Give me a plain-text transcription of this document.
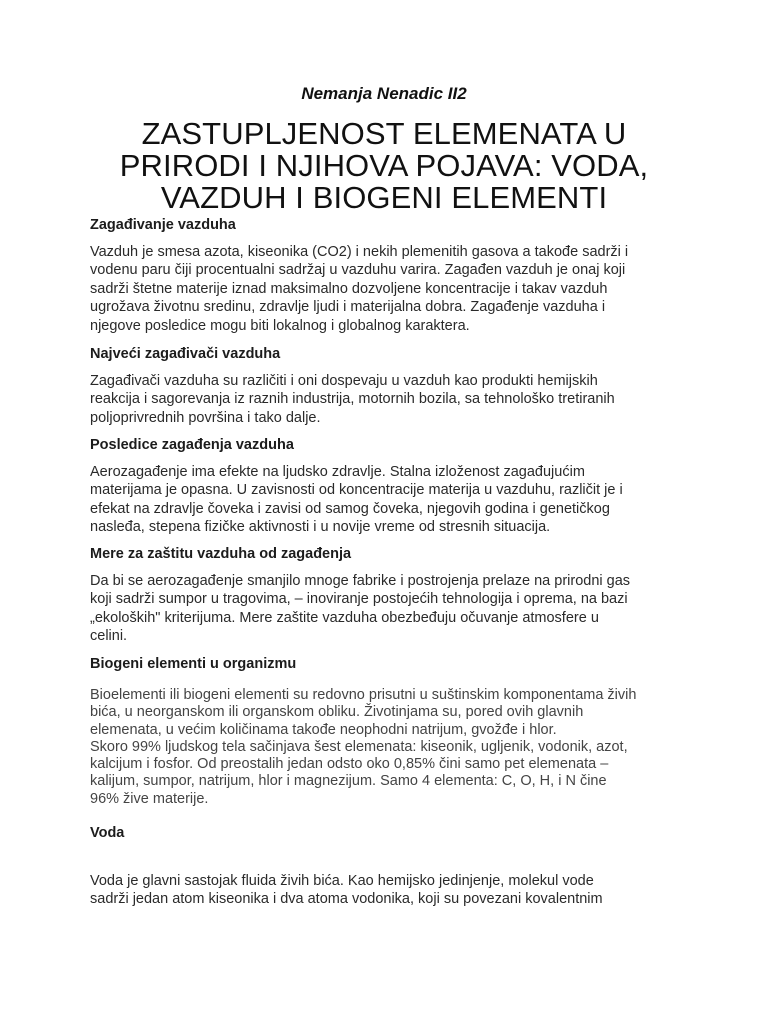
Nemanja Nenadic II2
ZASTUPLJENOST ELEMENATA U
PRIRODI I NJIHOVA POJAVA: VODA,
VAZDUH I BIOGENI ELEMENTI
Zagađivanje vazduha
Vazduh je smesa azota, kiseonika (CO2) i nekih plemenitih gasova a takođe sadrži i
vodenu paru čiji procentualni sadržaj u vazduhu varira. Zagađen vazduh je onaj koji
sadrži štetne materije iznad maksimalno dozvoljene koncentracije i takav vazduh
ugrožava životnu sredinu, zdravlje ljudi i materijalna dobra. Zagađenje vazduha i
njegove posledice mogu biti lokalnog i globalnog karaktera.
Najveći zagađivači vazduha
Zagađivači vazduha su različiti i oni dospevaju u vazduh kao produkti hemijskih
reakcija i sagorevanja iz raznih industrija, motornih bozila, sa tehnološko tretiranih
poljoprivrednih površina i tako dalje.
Posledice zagađenja vazduha
Aerozagađenje ima efekte na ljudsko zdravlje. Stalna izloženost zagađujućim
materijama je opasna. U zavisnosti od koncentracije materija u vazduhu, različit je i
efekat na zdravlje čoveka i zavisi od samog čoveka, njegovih godina i genetičkog
nasleđa, stepena fizičke aktivnosti i u novije vreme od stresnih situacija.
Mere za zaštitu vazduha od zagađenja
Da bi se aerozagađenje smanjilo mnoge fabrike i postrojenja prelaze na prirodni gas
koji sadrži sumpor u tragovima, – inoviranje postojećih tehnologija i oprema, na bazi
„ekoloških" kriterijuma. Mere zaštite vazduha obezbeđuju očuvanje atmosfere u
celini.
Biogeni elementi u organizmu
Bioelementi ili biogeni elementi su redovno prisutni u suštinskim komponentama živih
bića, u neorganskom ili organskom obliku. Životinjama su, pored ovih glavnih
elemenata, u većim količinama takođe neophodni natrijum, gvožđe i hlor.
Skoro 99% ljudskog tela sačinjava šest elemenata: kiseonik, ugljenik, vodonik, azot,
kalcijum i fosfor. Od preostalih jedan odsto oko 0,85% čini samo pet elemenata –
kalijum, sumpor, natrijum, hlor i magnezijum. Samo 4 elementa: C, O, H, i N čine
96% žive materije.
Voda
Voda je glavni sastojak fluida živih bića. Kao hemijsko jedinjenje, molekul vode
sadrži jedan atom kiseonika i dva atoma vodonika, koji su povezani kovalentnim
